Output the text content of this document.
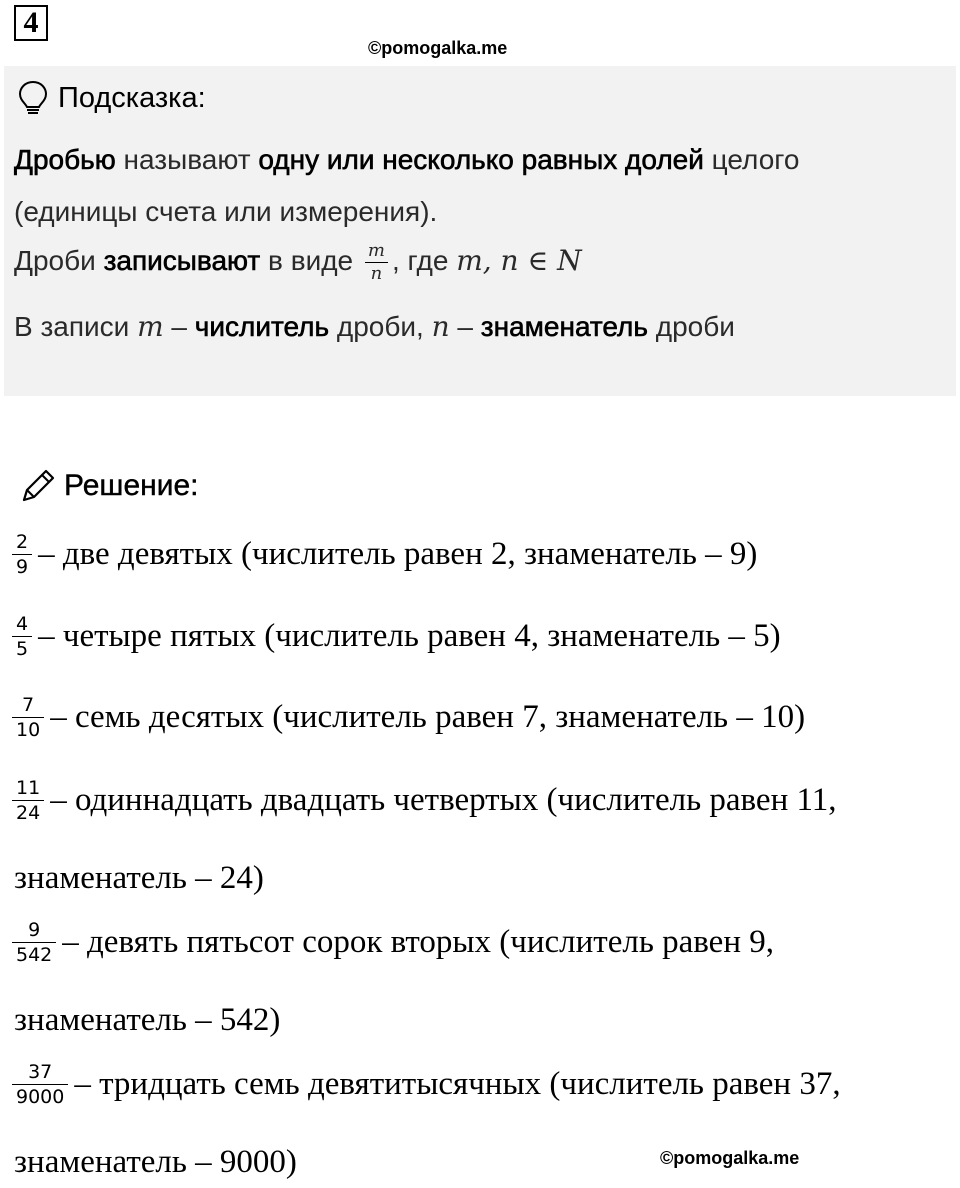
4
©pomogalka.me
Подсказка:
Дробью называют одну или несколько равных долей целого
(единицы счета или измерения).
Дроби записывают в виде $\frac{m}{n}$ , где m, n ∈ N
В записи m – числитель дроби, n – знаменатель дроби
Решение:
$\frac{2}{9}$ – две девятых (числитель равен 2, знаменатель – 9)
$\frac{4}{5}$ – четыре пятых (числитель равен 4, знаменатель – 5)
$\frac{7}{10}$ – семь десятых (числитель равен 7, знаменатель – 10)
$\frac{11}{24}$ – одиннадцать двадцать четвертых (числитель равен 11,
знаменатель – 24)
$\frac{9}{542}$ – девять пятьсот сорок вторых (числитель равен 9,
знаменатель – 542)
$\frac{37}{9000}$ – тридцать семь девятитысячных (числитель равен 37,
знаменатель – 9000)	©pomogalka.me
